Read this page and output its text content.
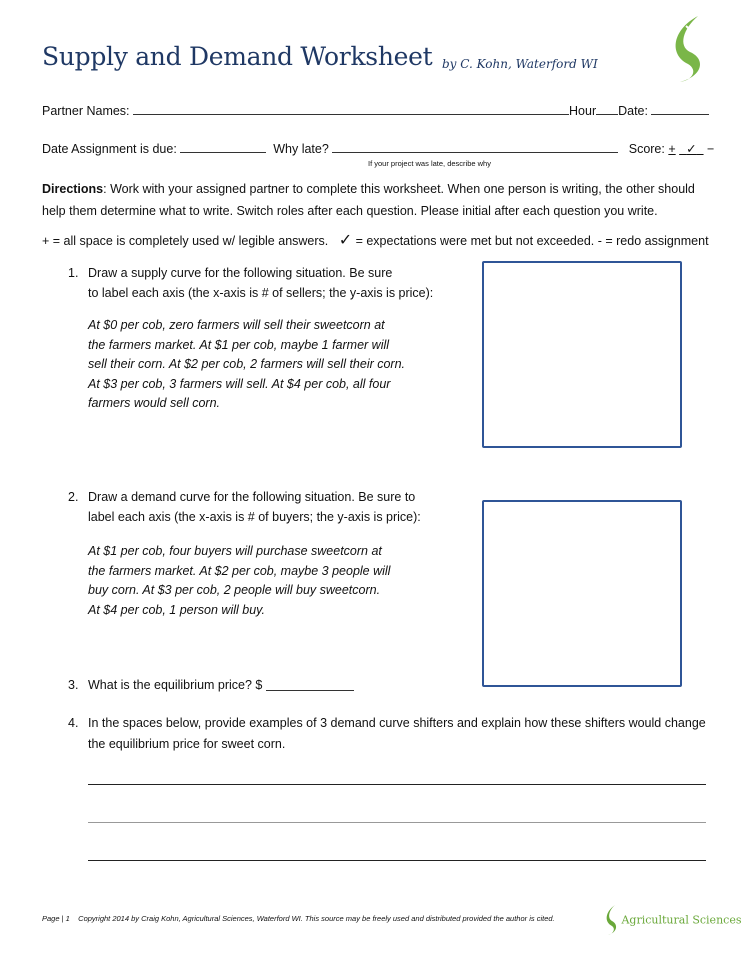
Supply and Demand Worksheet by C. Kohn, Waterford WI
Partner Names:	Hour Date:
Date Assignment is due:	Why late?	Score: + ✓ −
If your project was late, describe why
Directions: Work with your assigned partner to complete this worksheet. When one person is writing, the other should help them determine what to write. Switch roles after each question. Please initial after each question you write.
+ = all space is completely used w/ legible answers. ✓ = expectations were met but not exceeded. - = redo assignment
1. Draw a supply curve for the following situation. Be sure
to label each axis (the x-axis is # of sellers; the y-axis is price):
At $0 per cob, zero farmers will sell their sweetcorn at
the farmers market. At $1 per cob, maybe 1 farmer will
sell their corn. At $2 per cob, 2 farmers will sell their corn.
At $3 per cob, 3 farmers will sell. At $4 per cob, all four
farmers would sell corn.
2. Draw a demand curve for the following situation. Be sure to
label each axis (the x-axis is # of buyers; the y-axis is price):
At $1 per cob, four buyers will purchase sweetcorn at
the farmers market. At $2 per cob, maybe 3 people will
buy corn. At $3 per cob, 2 people will buy sweetcorn.
At $4 per cob, 1 person will buy.
3. What is the equilibrium price? $
4. In the spaces below, provide examples of 3 demand curve shifters and explain how these shifters would change
the equilibrium price for sweet corn.
Page | 1 Copyright 2014 by Craig Kohn, Agricultural Sciences, Waterford WI. This source may be freely used and distributed provided the author is cited.	Agricultural Sciences
